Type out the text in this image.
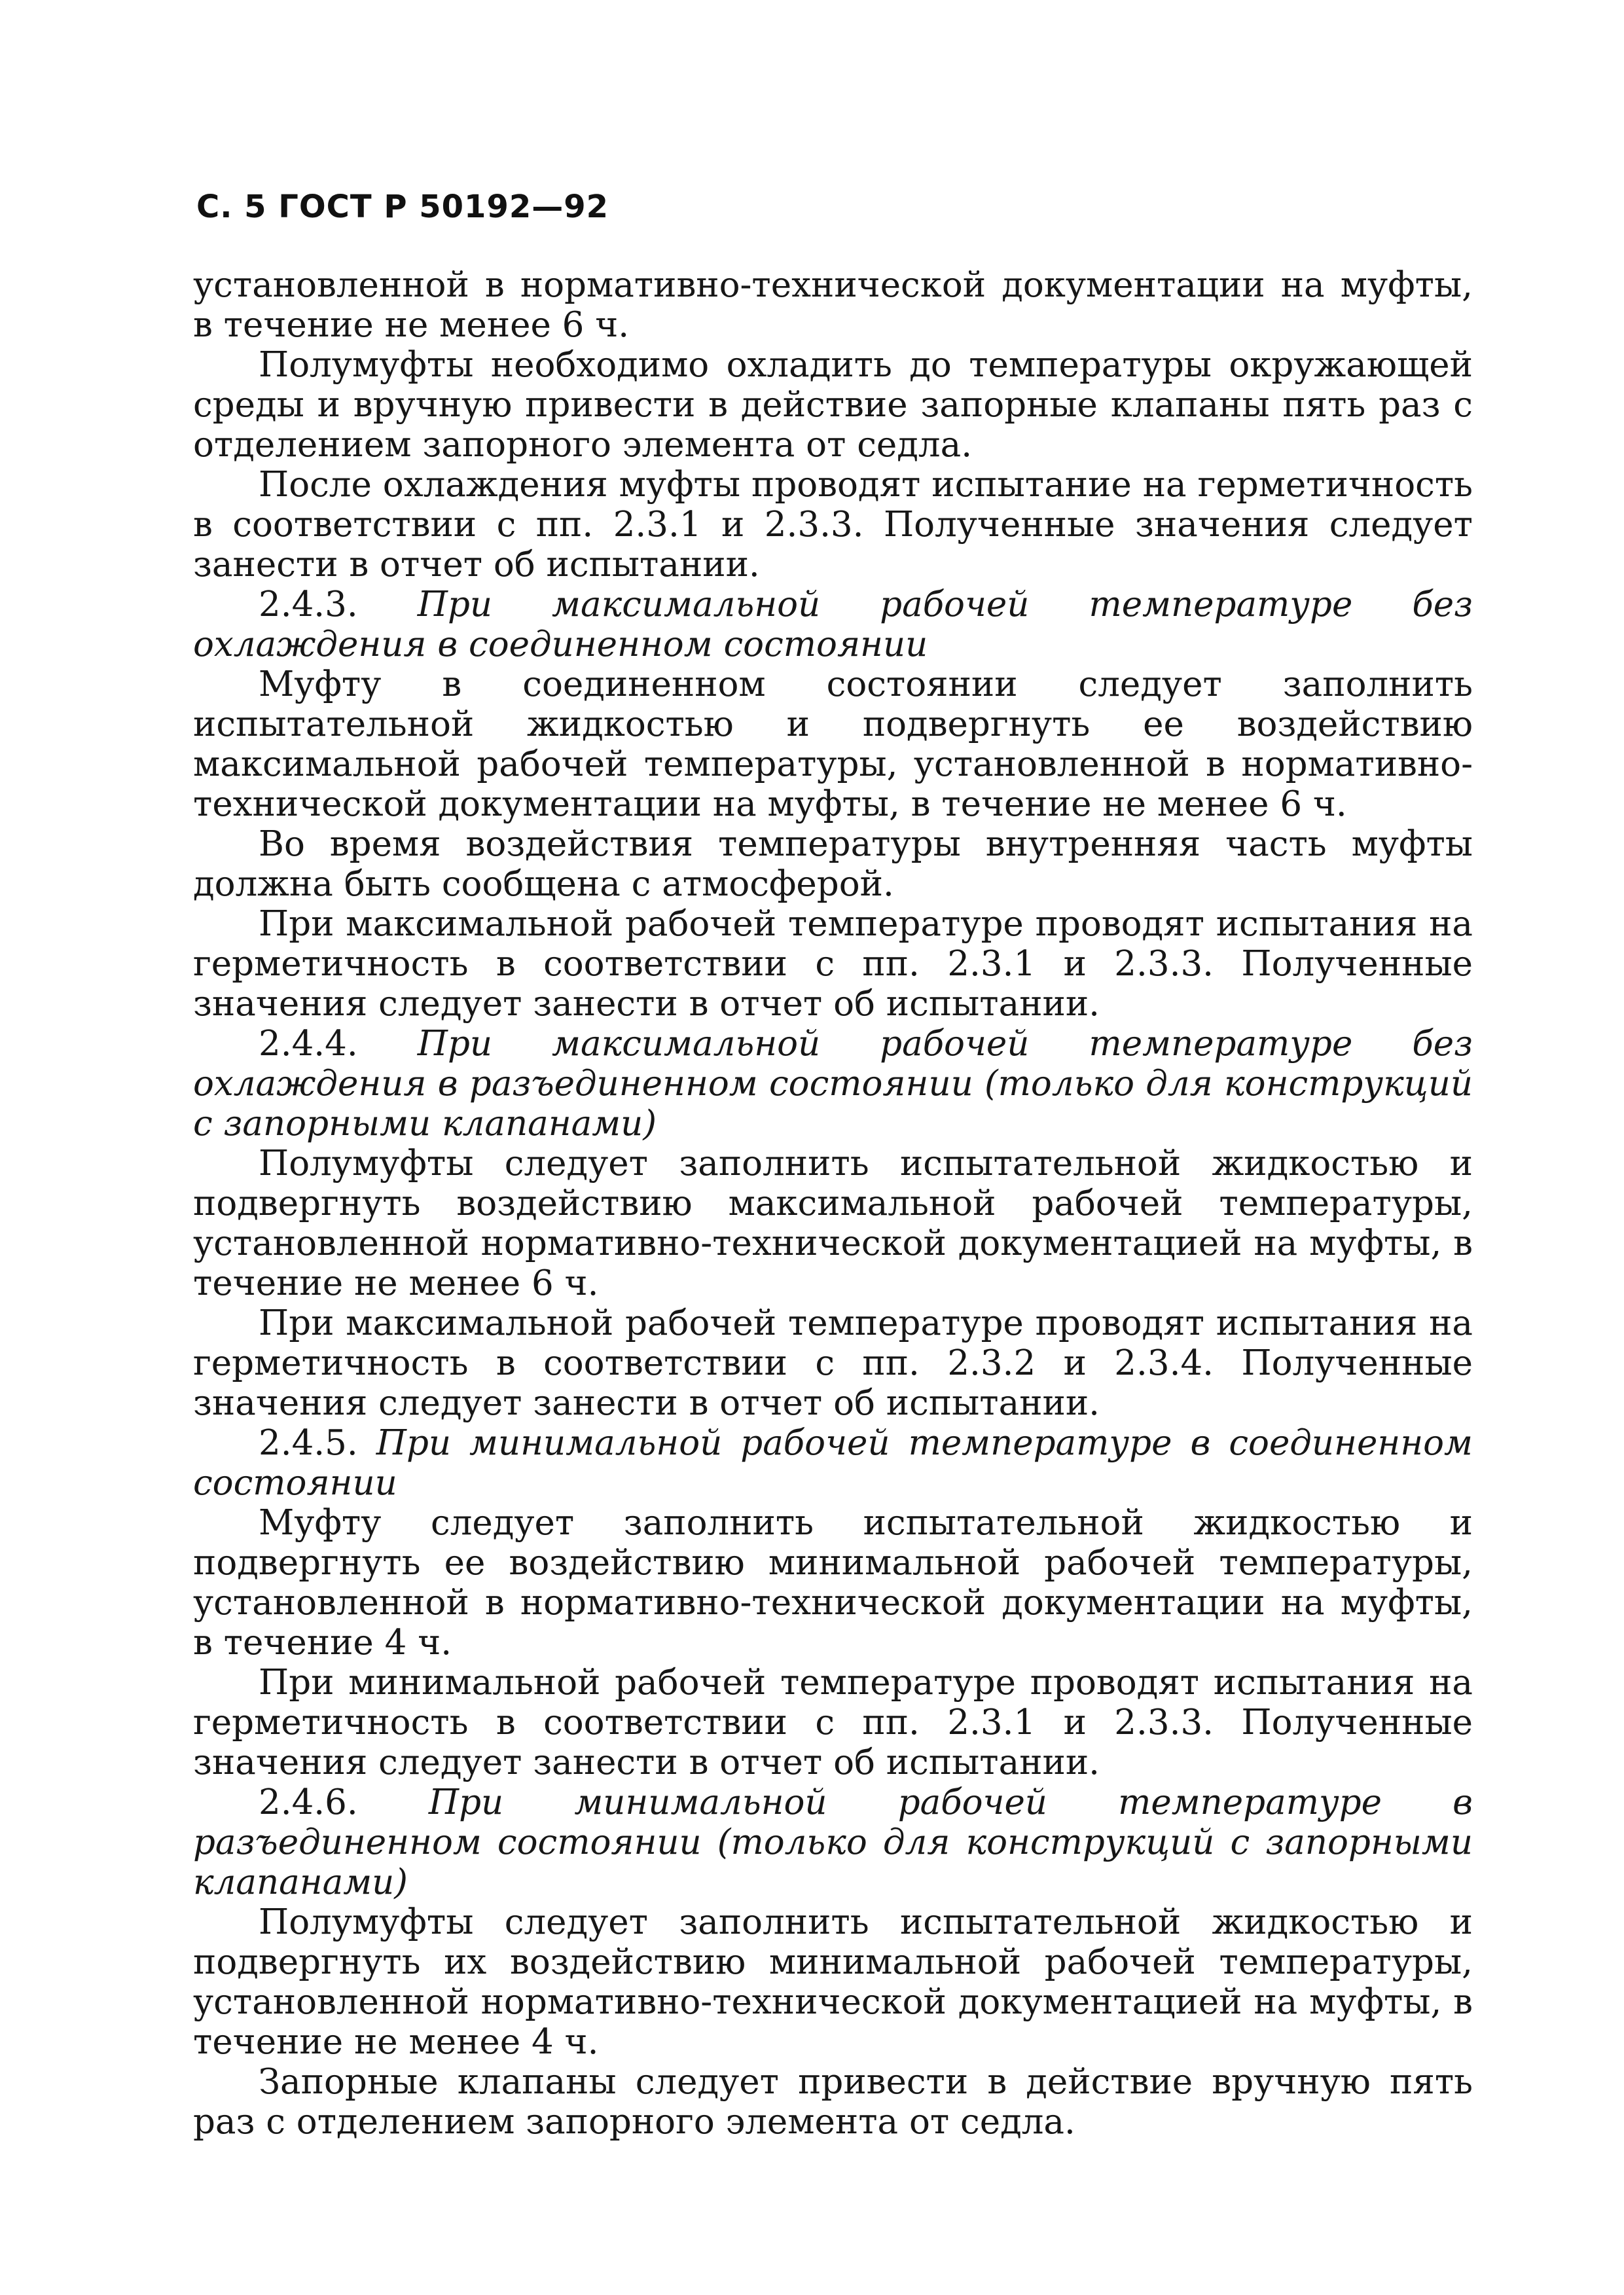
С. 5 ГОСТ Р 50192—92

установленной в нормативно-технической документации на муфты, в течение не менее 6 ч.

Полумуфты необходимо охладить до температуры окружающей среды и вручную привести в действие запорные клапаны пять раз с отделением запорного элемента от седла.

После охлаждения муфты проводят испытание на герметичность в соответствии с пп. 2.3.1 и 2.3.3. Полученные значения следует занести в отчет об испытании.

2.4.3. При максимальной рабочей температуре без охлаждения в соединенном состоянии

Муфту в соединенном состоянии следует заполнить испытательной жидкостью и подвергнуть ее воздействию максимальной рабочей температуры, установленной в нормативно-технической документации на муфты, в течение не менее 6 ч.

Во время воздействия температуры внутренняя часть муфты должна быть сообщена с атмосферой.

При максимальной рабочей температуре проводят испытания на герметичность в соответствии с пп. 2.3.1 и 2.3.3. Полученные значения следует занести в отчет об испытании.

2.4.4. При максимальной рабочей температуре без охлаждения в разъединенном состоянии (только для конструкций с запорными клапанами)

Полумуфты следует заполнить испытательной жидкостью и подвергнуть воздействию максимальной рабочей температуры, установленной нормативно-технической документацией на муфты, в течение не менее 6 ч.

При максимальной рабочей температуре проводят испытания на герметичность в соответствии с пп. 2.3.2 и 2.3.4. Полученные значения следует занести в отчет об испытании.

2.4.5. При минимальной рабочей температуре в соединенном состоянии

Муфту следует заполнить испытательной жидкостью и подвергнуть ее воздействию минимальной рабочей температуры, установленной в нормативно-технической документации на муфты, в течение 4 ч.

При минимальной рабочей температуре проводят испытания на герметичность в соответствии с пп. 2.3.1 и 2.3.3. Полученные значения следует занести в отчет об испытании.

2.4.6. При минимальной рабочей температуре в разъединенном состоянии (только для конструкций с запорными клапанами)

Полумуфты следует заполнить испытательной жидкостью и подвергнуть их воздействию минимальной рабочей температуры, установленной нормативно-технической документацией на муфты, в течение не менее 4 ч.

Запорные клапаны следует привести в действие вручную пять раз с отделением запорного элемента от седла.
